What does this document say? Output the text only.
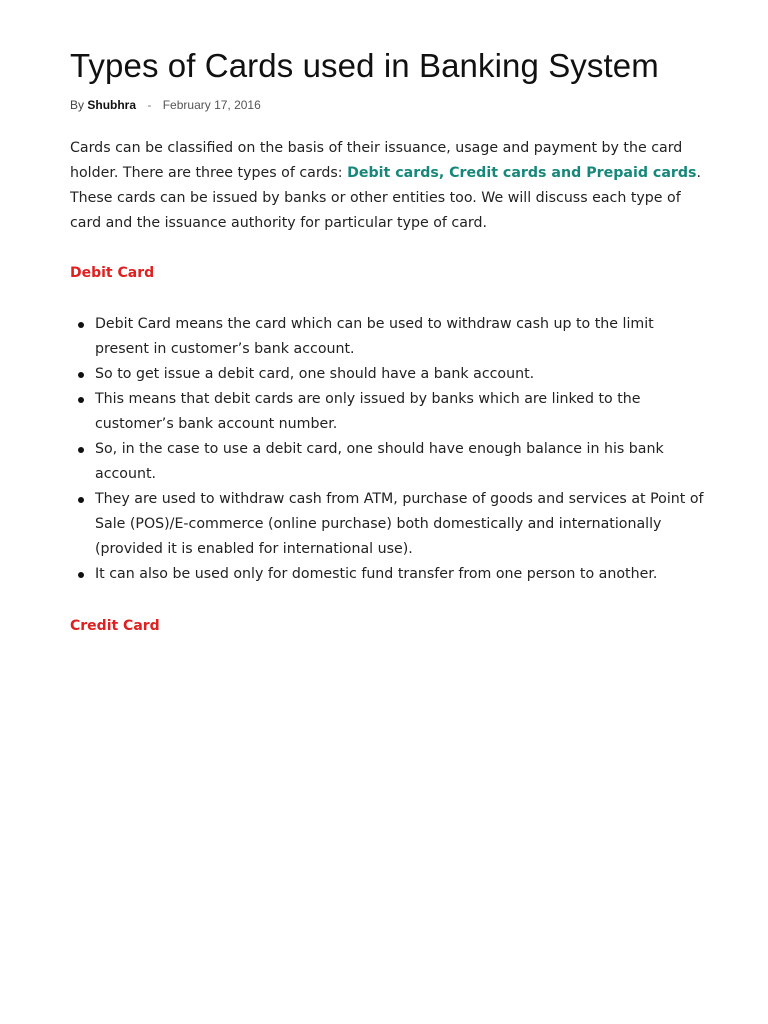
Types of Cards used in Banking System
By Shubhra - February 17, 2016
Cards can be classified on the basis of their issuance, usage and payment by the card holder. There are three types of cards: Debit cards, Credit cards and Prepaid cards.
These cards can be issued by banks or other entities too. We will discuss each type of card and the issuance authority for particular type of card.
Debit Card
Debit Card means the card which can be used to withdraw cash up to the limit present in customer’s bank account.
So to get issue a debit card, one should have a bank account.
This means that debit cards are only issued by banks which are linked to the customer’s bank account number.
So, in the case to use a debit card, one should have enough balance in his bank account.
They are used to withdraw cash from ATM, purchase of goods and services at Point of Sale (POS)/E-commerce (online purchase) both domestically and internationally (provided it is enabled for international use).
It can also be used only for domestic fund transfer from one person to another.
Credit Card
